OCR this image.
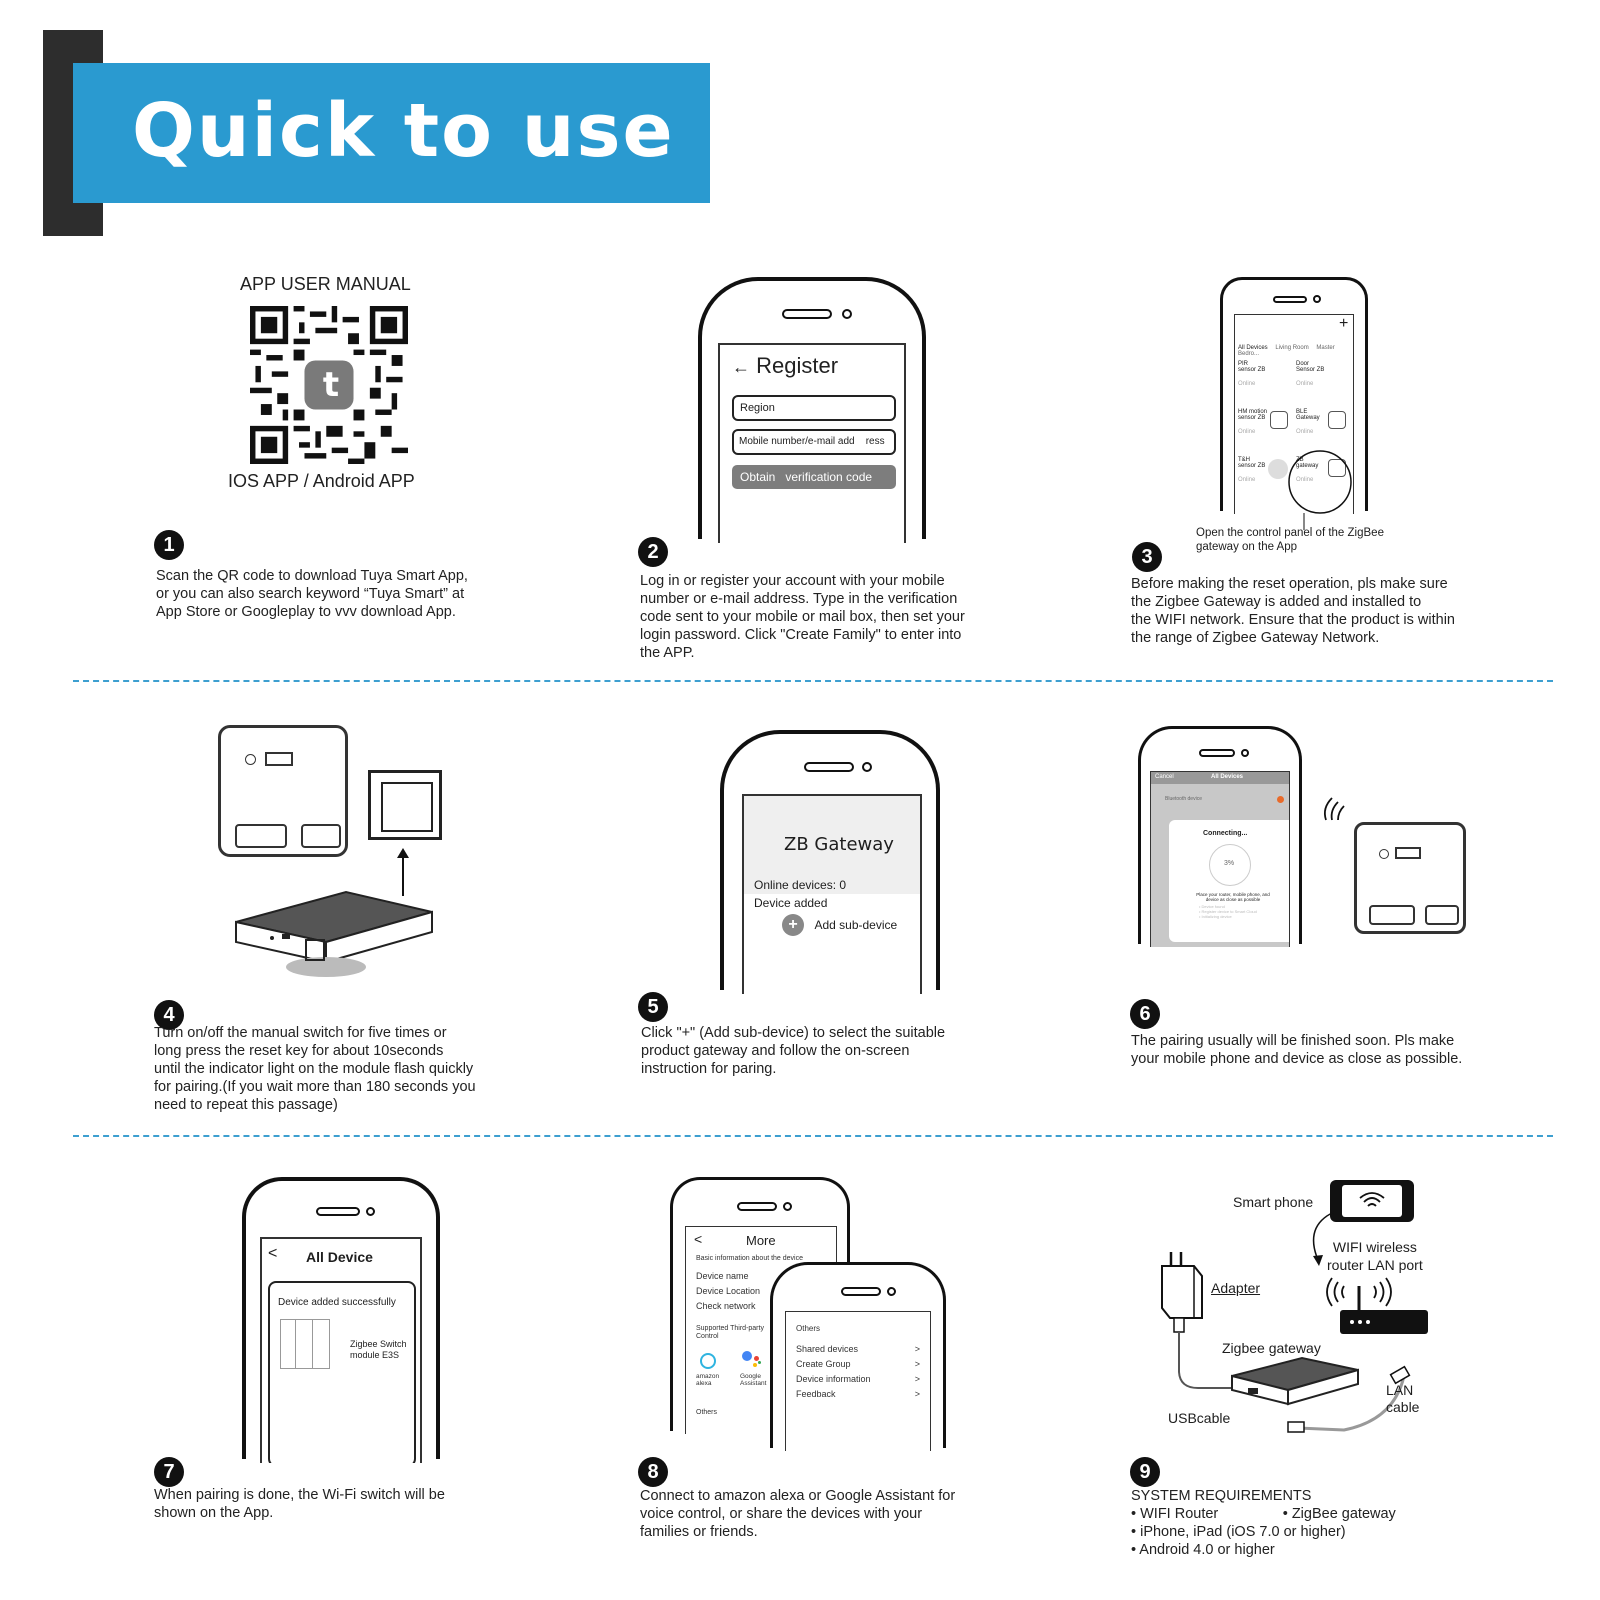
Quick to use
APP USER MANUAL
t
IOS APP / Android APP
1
Scan the QR code to download Tuya Smart App,
or you can also search keyword “Tuya Smart” at
App Store or Googleplay to vvv download App.
← Register
Region
Mobile number/e-mail add    ress
Obtain   verification code
2
Log in or register your account with your mobile
number or e-mail address. Type in the verification
code sent to your mobile or mail box, then set your
login password. Click "Create Family" to enter into
the APP.
+
All Devices Living Room Master Bedro...
PIR
sensor ZB
Online
Door
Sensor ZB
Online
HM motion
sensor ZB
Online
BLE
Gateway
Online
T&H
sensor ZB
Online
ZB
gateway
Online
Open the control panel of the ZigBee
gateway on the App
3
Before making the reset operation, pls make sure
the Zigbee Gateway is added and installed to
the WIFI network. Ensure that the product is within
the range of Zigbee Gateway Network.
4
Turn on/off the manual switch for five times or
long press the reset key for about 10seconds
until the indicator light on the module flash quickly
for pairing.(If you wait more than 180 seconds you
need to repeat this passage)
ZB Gateway
Online devices: 0
Device added
+ Add sub-device
5
Click "+" (Add sub-device) to select the suitable
product gateway and follow the on-screen
instruction for paring.
Cancel	All Devices
Bluetooth device
Connecting...
3%
Place your router, mobile phone, and
device as close as possible
• Device found
• Register device to Smart Cloud
• Initializing device
6
The pairing usually will be finished soon. Pls make
your mobile phone and device as close as possible.
< All Device
Device added successfully
Zigbee Switch
module E3S
7
When pairing is done, the Wi-Fi switch will be
shown on the App.
<	More
Basic information about the device
Device name
Device Location
Check network
Supported Third-party
Control
amazon
alexa
Google
Assistant
Others
Others
Shared devices	>
Create Group	>
Device information	>
Feedback	>
8
Connect to amazon alexa or Google Assistant for
voice control, or share the devices with your
families or friends.
Smart phone
WIFI wireless
router LAN port
Adapter
Zigbee gateway
LAN
cable
USBcable
9
SYSTEM REQUIREMENTS
• WIFI Router                • ZigBee gateway
• iPhone, iPad (iOS 7.0 or higher)
• Android 4.0 or higher
